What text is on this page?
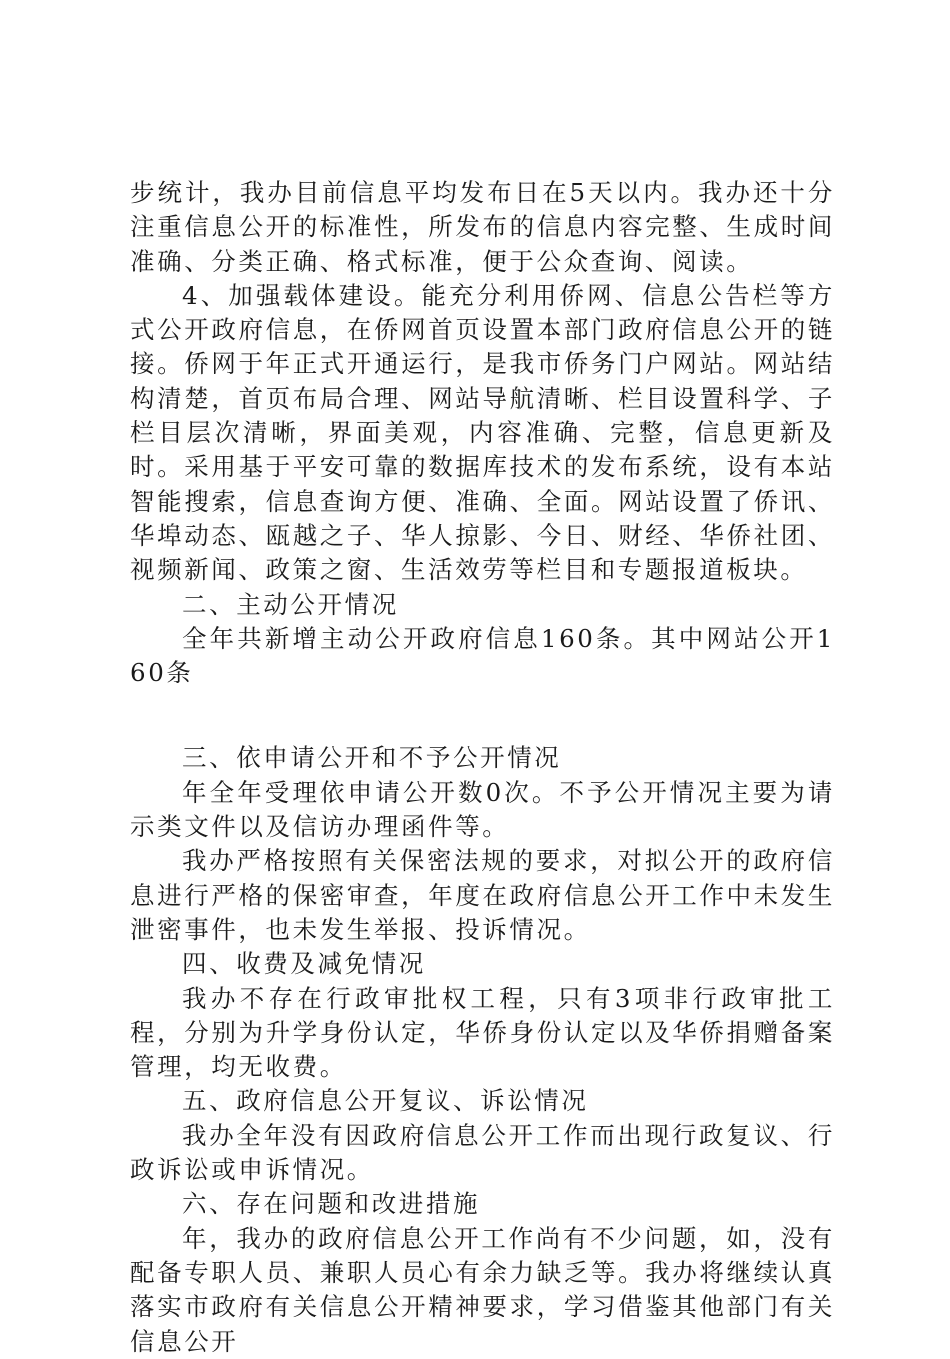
步统计，我办目前信息平均发布日在5天以内。我办还十分注重信息公开的标准性，所发布的信息内容完整、生成时间准确、分类正确、格式标准，便于公众查询、阅读。

4、加强载体建设。能充分利用侨网、信息公告栏等方式公开政府信息，在侨网首页设置本部门政府信息公开的链接。侨网于年正式开通运行，是我市侨务门户网站。网站结构清楚，首页布局合理、网站导航清晰、栏目设置科学、子栏目层次清晰，界面美观，内容准确、完整，信息更新及时。采用基于平安可靠的数据库技术的发布系统，设有本站智能搜索，信息查询方便、准确、全面。网站设置了侨讯、华埠动态、瓯越之子、华人掠影、今日、财经、华侨社团、视频新闻、政策之窗、生活效劳等栏目和专题报道板块。

二、主动公开情况

全年共新增主动公开政府信息160条。其中网站公开160条

三、依申请公开和不予公开情况

年全年受理依申请公开数0次。不予公开情况主要为请示类文件以及信访办理函件等。

我办严格按照有关保密法规的要求，对拟公开的政府信息进行严格的保密审查，年度在政府信息公开工作中未发生泄密事件，也未发生举报、投诉情况。

四、收费及减免情况

我办不存在行政审批权工程，只有3项非行政审批工程，分别为升学身份认定，华侨身份认定以及华侨捐赠备案管理，均无收费。

五、政府信息公开复议、诉讼情况

我办全年没有因政府信息公开工作而出现行政复议、行政诉讼或申诉情况。

六、存在问题和改进措施

年，我办的政府信息公开工作尚有不少问题，如，没有配备专职人员、兼职人员心有余力缺乏等。我办将继续认真落实市政府有关信息公开精神要求，学习借鉴其他部门有关信息公开
